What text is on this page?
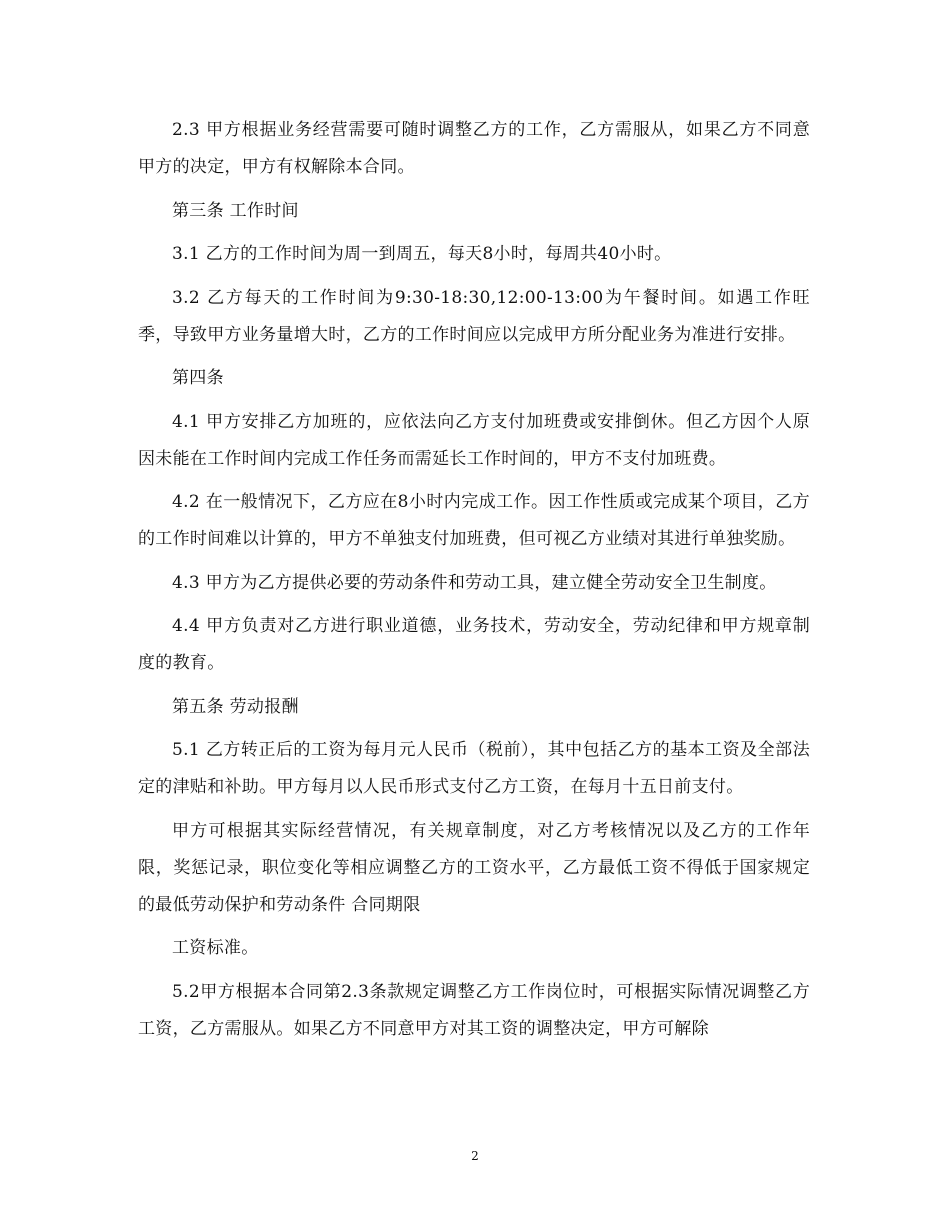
2.3 甲方根据业务经营需要可随时调整乙方的工作，乙方需服从，如果乙方不同意甲方的决定，甲方有权解除本合同。

第三条 工作时间

3.1 乙方的工作时间为周一到周五，每天8小时，每周共40小时。

3.2 乙方每天的工作时间为9:30-18:30,12:00-13:00为午餐时间。如遇工作旺季，导致甲方业务量增大时，乙方的工作时间应以完成甲方所分配业务为准进行安排。

第四条

4.1 甲方安排乙方加班的，应依法向乙方支付加班费或安排倒休。但乙方因个人原因未能在工作时间内完成工作任务而需延长工作时间的，甲方不支付加班费。

4.2 在一般情况下，乙方应在8小时内完成工作。因工作性质或完成某个项目，乙方的工作时间难以计算的，甲方不单独支付加班费，但可视乙方业绩对其进行单独奖励。

4.3 甲方为乙方提供必要的劳动条件和劳动工具，建立健全劳动安全卫生制度。

4.4 甲方负责对乙方进行职业道德，业务技术，劳动安全，劳动纪律和甲方规章制度的教育。

第五条 劳动报酬

5.1 乙方转正后的工资为每月元人民币（税前），其中包括乙方的基本工资及全部法定的津贴和补助。甲方每月以人民币形式支付乙方工资，在每月十五日前支付。

甲方可根据其实际经营情况，有关规章制度，对乙方考核情况以及乙方的工作年限，奖惩记录，职位变化等相应调整乙方的工资水平，乙方最低工资不得低于国家规定的最低劳动保护和劳动条件 合同期限

工资标准。

5.2甲方根据本合同第2.3条款规定调整乙方工作岗位时，可根据实际情况调整乙方工资，乙方需服从。如果乙方不同意甲方对其工资的调整决定，甲方可解除

2
